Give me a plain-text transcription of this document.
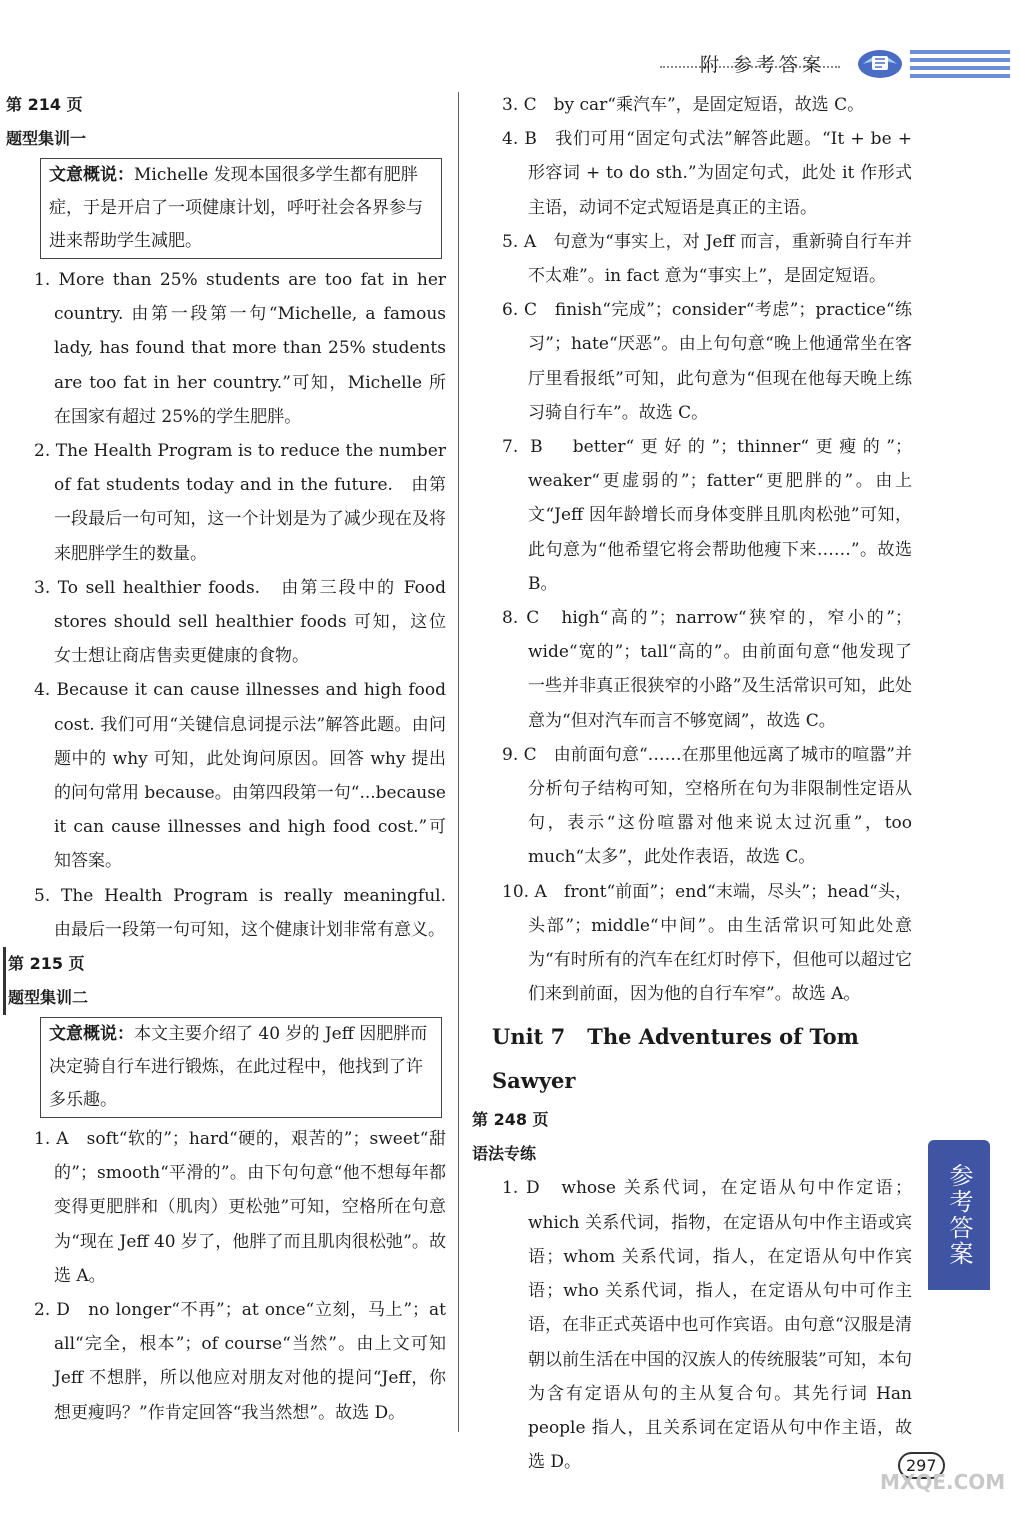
附 参考答案
第 214 页
题型集训一
文意概说：Michelle 发现本国很多学生都有肥胖症，于是开启了一项健康计划，呼吁社会各界参与进来帮助学生减肥。
1. More than 25% students are too fat in her country. 由第一段第一句“Michelle, a famous lady, has found that more than 25% students are too fat in her country.”可知，Michelle 所在国家有超过 25%的学生肥胖。
2. The Health Program is to reduce the number of fat students today and in the future.　由第一段最后一句可知，这一个计划是为了减少现在及将来肥胖学生的数量。
3. To sell healthier foods.　由第三段中的 Food stores should sell healthier foods 可知，这位女士想让商店售卖更健康的食物。
4. Because it can cause illnesses and high food cost. 我们可用“关键信息词提示法”解答此题。由问题中的 why 可知，此处询问原因。回答 why 提出的问句常用 because。由第四段第一句“...because it can cause illnesses and high food cost.”可知答案。
5. The Health Program is really meaningful.　由最后一段第一句可知，这个健康计划非常有意义。
第 215 页
题型集训二
文意概说：本文主要介绍了 40 岁的 Jeff 因肥胖而决定骑自行车进行锻炼，在此过程中，他找到了许多乐趣。
1. A　soft“软的”；hard“硬的，艰苦的”；sweet“甜的”；smooth“平滑的”。由下句句意“他不想每年都变得更肥胖和（肌肉）更松弛”可知，空格所在句意为“现在 Jeff 40 岁了，他胖了而且肌肉很松弛”。故选 A。
2. D　no longer“不再”；at once“立刻，马上”；at all“完全，根本”；of course“当然”。由上文可知 Jeff 不想胖，所以他应对朋友对他的提问“Jeff，你想更瘦吗？”作肯定回答“我当然想”。故选 D。
3. C　by car“乘汽车”，是固定短语，故选 C。
4. B　我们可用“固定句式法”解答此题。“It + be + 形容词 + to do sth.”为固定句式，此处 it 作形式主语，动词不定式短语是真正的主语。
5. A　句意为“事实上，对 Jeff 而言，重新骑自行车并不太难”。in fact 意为“事实上”，是固定短语。
6. C　finish“完成”；consider“考虑”；practice“练习”；hate“厌恶”。由上句句意“晚上他通常坐在客厅里看报纸”可知，此句意为“但现在他每天晚上练习骑自行车”。故选 C。
7. B　better“更好的”；thinner“更瘦的”；weaker“更虚弱的”；fatter“更肥胖的”。由上文“Jeff 因年龄增长而身体变胖且肌肉松弛”可知，此句意为“他希望它将会帮助他瘦下来……”。故选 B。
8. C　high“高的”；narrow“狭窄的，窄小的”；wide“宽的”；tall“高的”。由前面句意“他发现了一些并非真正很狭窄的小路”及生活常识可知，此处意为“但对汽车而言不够宽阔”，故选 C。
9. C　由前面句意“……在那里他远离了城市的喧嚣”并分析句子结构可知，空格所在句为非限制性定语从句，表示“这份喧嚣对他来说太过沉重”，too much“太多”，此处作表语，故选 C。
10. A　front“前面”；end“末端，尽头”；head“头，头部”；middle“中间”。由生活常识可知此处意为“有时所有的汽车在红灯时停下，但他可以超过它们来到前面，因为他的自行车窄”。故选 A。
Unit 7 The Adventures of Tom Sawyer
第 248 页
语法专练
1. D　whose 关系代词，在定语从句中作定语；which 关系代词，指物，在定语从句中作主语或宾语；whom 关系代词，指人，在定语从句中作宾语；who 关系代词，指人，在定语从句中可作主语，在非正式英语中也可作宾语。由句意“汉服是清朝以前生活在中国的汉族人的传统服装”可知，本句为含有定语从句的主从复合句。其先行词 Han people 指人，且关系词在定语从句中作主语，故选 D。
参考答案
297
MXQE.COM
